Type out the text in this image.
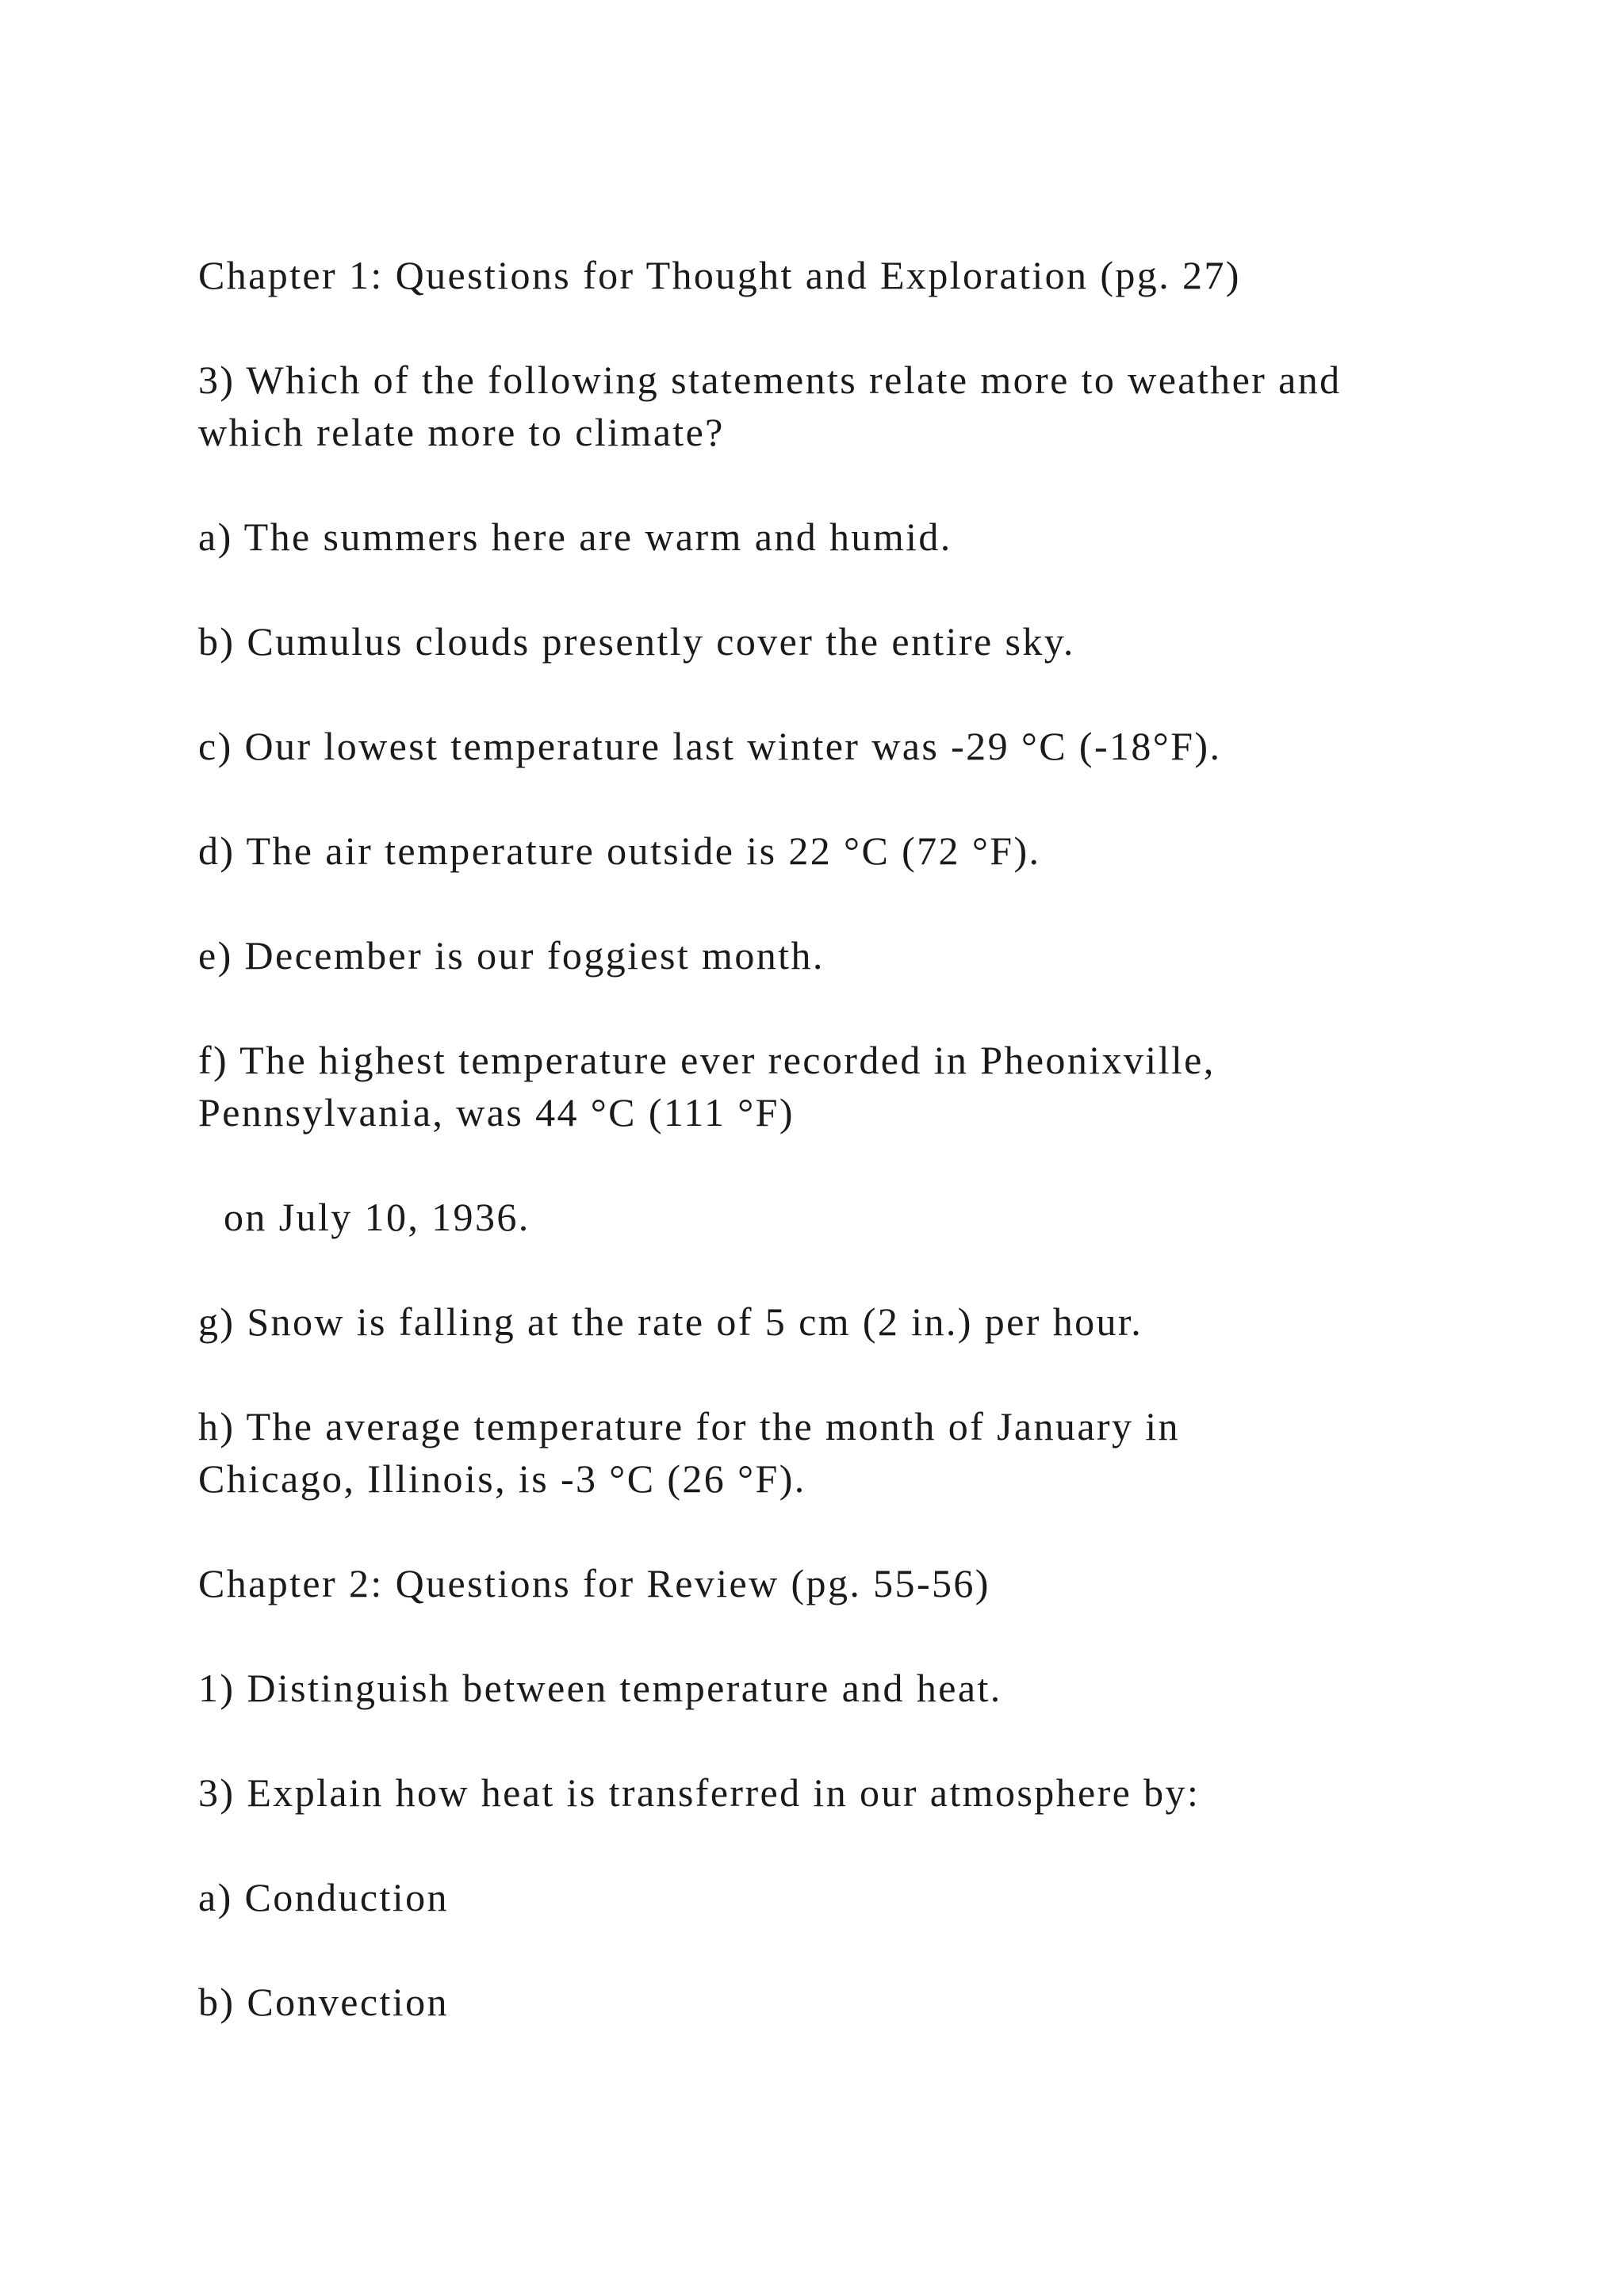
Chapter 1: Questions for Thought and Exploration (pg. 27)

3) Which of the following statements relate more to weather and

which relate more to climate?

a) The summers here are warm and humid.

b) Cumulus clouds presently cover the entire sky.

c) Our lowest temperature last winter was -29 °C (-18°F).

d) The air temperature outside is 22 °C (72 °F).

e) December is our foggiest month.

f) The highest temperature ever recorded in Pheonixville,

Pennsylvania, was 44 °C (111 °F)

on July 10, 1936.

g) Snow is falling at the rate of 5 cm (2 in.) per hour.

h) The average temperature for the month of January in

Chicago, Illinois, is -3 °C (26 °F).

Chapter 2: Questions for Review (pg. 55-56)

1) Distinguish between temperature and heat.

3) Explain how heat is transferred in our atmosphere by:

a) Conduction

b) Convection
